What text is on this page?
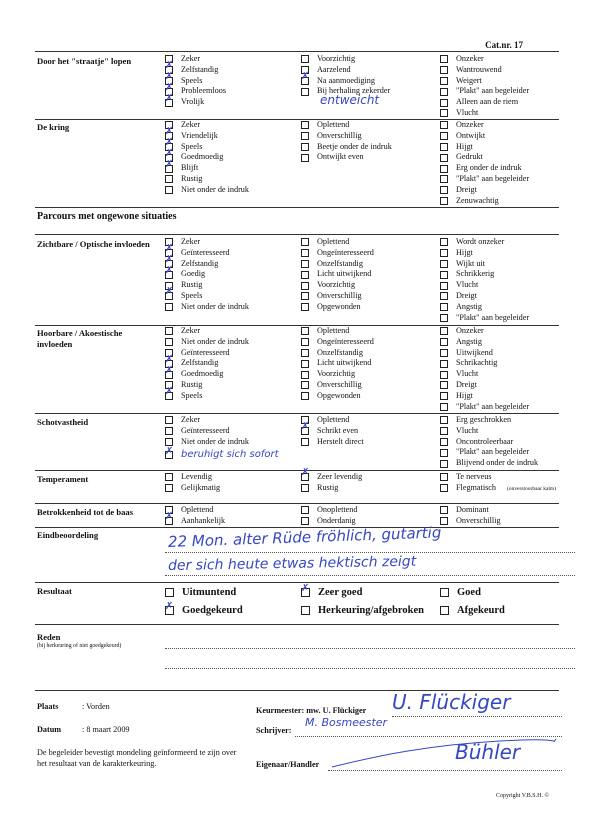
Cat.nr. 17
Door het "straatje" lopen	Zeker
✗
Zelfstandig
✗
Speels
✗
Probleemloos
✗
Vrolijk
Voorzichtig
Aarzelend
✗
Na aanmoediging
Bij herhaling zekerder
entweicht
Onzeker
Wantrouwend
Weigert
"Plakt" aan begeleider
Alleen aan de riem
Vlucht
De kring	Zeker
✗
Vriendelijk
✗
Speels
✗
Goedmoedig
✗
Blijft
Rustig
Niet onder de indruk
Oplettend
Onverschillig
Beetje onder de indruk
Ontwijkt even
Onzeker
Ontwijkt
Hijgt
Gedrukt
Erg onder de indruk
"Plakt" aan begeleider
Dreigt
Zenuwachtig
Parcours met ongewone situaties
Zichtbare / Optische invloeden	Zeker
✗
Geïnteresseerd
✗
Zelfstandig
✗
Goedig
Rustig
✗
Speels
Niet onder de indruk
Oplettend
Ongeïnteresseerd
Onzelfstandig
Licht uitwijkend
Voorzichtig
Onverschillig
Opgewonden
Wordt onzeker
Hijgt
Wijkt uit
Schrikkerig
Vlucht
Dreigt
Angstig
"Plakt" aan begeleider
Hoorbare / Akoestische
invloeden
Zeker
Niet onder de indruk
Geïnteresseerd
✗
Zelfstandig
✗
Goedmoedig
Rustig
✗
Speels
Oplettend
Ongeïnteresseerd
Onzelfstandig
Licht uitwijkend
Voorzichtig
Onverschillig
Opgewonden
Onzeker
Angstig
Uitwijkend
Schrikachtig
Vlucht
Dreigt
Hijgt
"Plakt" aan begeleider
Schotvastheid	Zeker
Geïnteresseerd
Niet onder de indruk
✗
beruhigt sich sofort
Oplettend
✗
Schrikt even
Herstelt direct
Erg geschrokken
Vlucht
Oncontroleerbaar
"Plakt" aan begeleider
Blijvend onder de indruk
Temperament	Levendig
Gelijkmatig
✗
Zeer levendig
Rustig
Te nerveus
Flegmatisch (onverstoorbaar kalm)
Betrokkenheid tot de baas	Oplettend
✗
Aanhankelijk
Onoplettend
Onderdanig
Dominant
Onverschillig
Eindbeoordeling	22 Mon. alter Rüde fröhlich, gutartig
der sich heute etwas hektisch zeigt
Resultaat	Uitmuntend
✗	Zeer goed	Goed
✗
Goedgekeurd	Herkeuring/afgebroken	Afgekeurd
Reden
(bij herkeuring of niet goedgekeurd)
Plaats	: Vorden
Datum	: 8 maart 2009
Keurmeester: mw. U. Flückiger U. Flückiger
Schrijver:
M. Bosmeester
Eigenaar/Handler
Bühler
De begeleider bevestigt mondeling geïnformeerd te zijn over
het resultaat van de karakterkeuring.
Copyright V.B.S.H. ©
